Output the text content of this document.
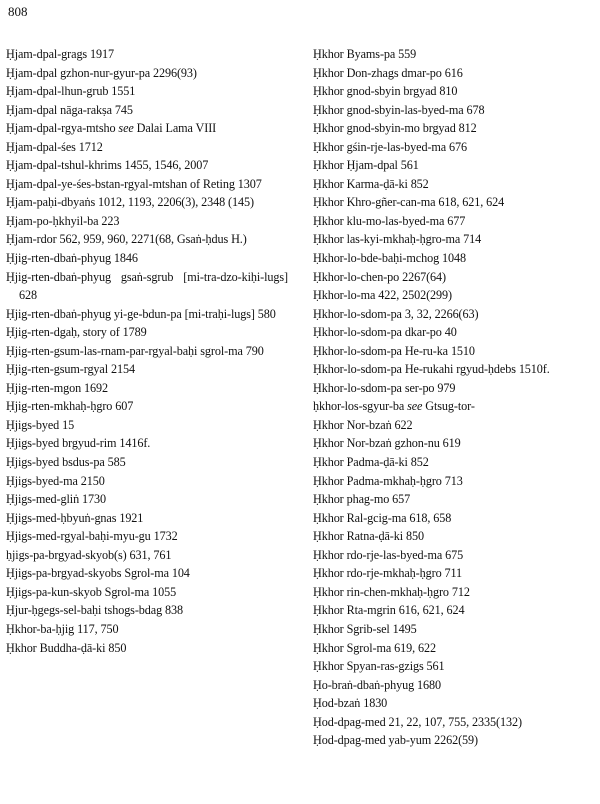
808
Ḥjam-dpal-grags 1917
Ḥjam-dpal gzhon-nur-gyur-pa 2296(93)
Ḥjam-dpal-lhun-grub 1551
Ḥjam-dpal nāga-rakṣa 745
Ḥjam-dpal-rgya-mtsho see Dalai Lama VIII
Ḥjam-dpal-śes 1712
Ḥjam-dpal-tshul-khrims 1455, 1546, 2007
Ḥjam-dpal-ye-śes-bstan-rgyal-mtshan of Reting 1307
Ḥjam-paḥi-dbyaṅs 1012, 1193, 2206(3), 2348 (145)
Ḥjam-po-ḥkhyil-ba 223
Ḥjam-rdor 562, 959, 960, 2271(68, Gsaṅ-ḥdus H.)
Ḥjig-rten-dbaṅ-phyug 1846
Ḥjig-rten-dbaṅ-phyug gsaṅ-sgrub [mi-tra-dzo-kiḥi-lugs] 628
Ḥjig-rten-dbaṅ-phyug yi-ge-bdun-pa [mi-traḥi-lugs] 580
Ḥjig-rten-dgaḥ, story of 1789
Ḥjig-rten-gsum-las-rnam-par-rgyal-baḥi sgrol-ma 790
Ḥjig-rten-gsum-rgyal 2154
Ḥjig-rten-mgon 1692
Ḥjig-rten-mkhaḥ-ḥgro 607
Ḥjigs-byed 15
Ḥjigs-byed brgyud-rim 1416f.
Ḥjigs-byed bsdus-pa 585
Ḥjigs-byed-ma 2150
Ḥjigs-med-gliṅ 1730
Ḥjigs-med-ḥbyuṅ-gnas 1921
Ḥjigs-med-rgyal-baḥi-myu-gu 1732
ḥjigs-pa-brgyad-skyob(s) 631, 761
Ḥjigs-pa-brgyad-skyobs Sgrol-ma 104
Ḥjigs-pa-kun-skyob Sgrol-ma 1055
Ḥjur-ḥgegs-sel-baḥi tshogs-bdag 838
Ḥkhor-ba-ḥjig 117, 750
Ḥkhor Buddha-ḍā-ki 850
Ḥkhor Byams-pa 559
Ḥkhor Don-zhags dmar-po 616
Ḥkhor gnod-sbyin brgyad 810
Ḥkhor gnod-sbyin-las-byed-ma 678
Ḥkhor gnod-sbyin-mo brgyad 812
Ḥkhor gśin-rje-las-byed-ma 676
Ḥkhor Ḥjam-dpal 561
Ḥkhor Karma-ḍā-ki 852
Ḥkhor Khro-gñer-can-ma 618, 621, 624
Ḥkhor klu-mo-las-byed-ma 677
Ḥkhor las-kyi-mkhaḥ-ḥgro-ma 714
Ḥkhor-lo-bde-baḥi-mchog 1048
Ḥkhor-lo-chen-po 2267(64)
Ḥkhor-lo-ma 422, 2502(299)
Ḥkhor-lo-sdom-pa 3, 32, 2266(63)
Ḥkhor-lo-sdom-pa dkar-po 40
Ḥkhor-lo-sdom-pa He-ru-ka 1510
Ḥkhor-lo-sdom-pa He-rukahi rgyud-ḥdebs 1510f.
Ḥkhor-lo-sdom-pa ser-po 979
ḥkhor-los-sgyur-ba see Gtsug-tor-
Ḥkhor Nor-bzaṅ 622
Ḥkhor Nor-bzaṅ gzhon-nu 619
Ḥkhor Padma-ḍā-ki 852
Ḥkhor Padma-mkhaḥ-ḥgro 713
Ḥkhor phag-mo 657
Ḥkhor Ral-gcig-ma 618, 658
Ḥkhor Ratna-ḍā-ki 850
Ḥkhor rdo-rje-las-byed-ma 675
Ḥkhor rdo-rje-mkhaḥ-ḥgro 711
Ḥkhor rin-chen-mkhaḥ-ḥgro 712
Ḥkhor Rta-mgrin 616, 621, 624
Ḥkhor Sgrib-sel 1495
Ḥkhor Sgrol-ma 619, 622
Ḥkhor Spyan-ras-gzigs 561
Ḥo-braṅ-dbaṅ-phyug 1680
Ḥod-bzaṅ 1830
Ḥod-dpag-med 21, 22, 107, 755, 2335(132)
Ḥod-dpag-med yab-yum 2262(59)
